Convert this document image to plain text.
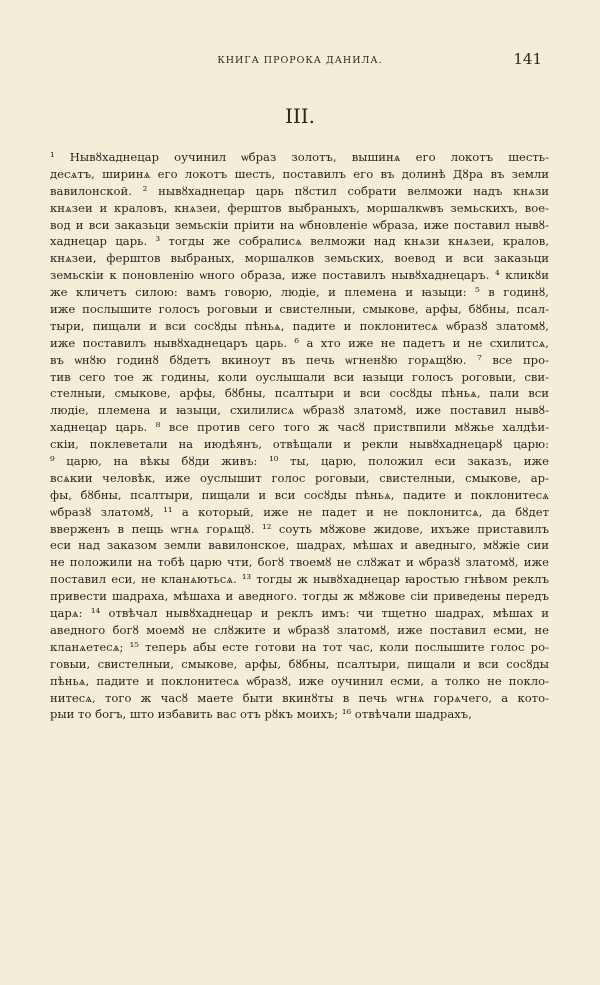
КНИГА ПРОРОКА ДАНИЛА.	141
III.
¹ Нывȣхаднецар оучинил ѡбраз золотъ, вышинѧ его локотъ шесть-
десѧтъ, ширинѧ его локотъ шесть, поставилъ его въ долинѣ Дȣра въ земли
вавилонской. ² нывȣхаднецар царь пȣстил собрати велможи надъ кнѧзи
кнѧзеи и краловъ, кнѧзеи, ферштов выбраныхъ, моршалкѡвъ земьскихъ, вое-
вод и вси заказьци земьскіи пріити на ѡбновленіе ѡбраза, иже поставил нывȣ-
хаднецар царь. ³ тогды же собралисѧ велможи над кнѧзи кнѧзеи, кралов,
кнѧзеи, ферштов выбраных, моршалков земьских, воевод и вси заказьци
земьскіи к поновленію ѡного образа, иже поставилъ нывȣхаднецаръ. ⁴ кликȣи
же кличетъ силою: вамъ говорю, людіе, и племена и ꙗзыци: ⁵ в годинȣ,
иже послышите голосъ роговыи и свистелныи, смыкове, арфы, бȣбны, псал-
тыри, пищали и вси сосȣды пѣньѧ, падите и поклонитесѧ ѡбразȣ златомȣ,
иже поставилъ нывȣхаднецаръ царь. ⁶ а хто иже не падетъ и не схилитсѧ,
въ ѡнȣю годинȣ бȣдетъ вкиноут въ печь ѡгненȣю горѧщȣю. ⁷ все про-
тив сего тое ж годины, коли оуслышали вси ꙗзыци голосъ роговыи, сви-
стелныи, смыкове, арфы, бȣбны, псалтыри и вси сосȣды пѣньѧ, пали вси
людіе, племена и ꙗзыци, схилилисѧ ѡбразȣ златомȣ, иже поставил нывȣ-
хаднецар царь. ⁸ все против сего того ж часȣ приствпили мȣжье халдѣи-
скіи, поклеветали на июдѣянъ, отвѣщали и рекли нывȣхаднецарȣ царю:
⁹ царю, на вѣкы бȣди живъ: ¹⁰ ты, царю, положил еси заказъ, иже
всѧкии человѣк, иже оуслышит голос роговыи, свистелныи, смыкове, ар-
фы, бȣбны, псалтыри, пищали и вси сосȣды пѣньѧ, падите и поклонитесѧ
ѡбразȣ златомȣ, ¹¹ а который, иже не падет и не поклонитсѧ, да бȣдет
вверженъ в пещь ѡгнѧ горѧщȣ. ¹² соуть мȣжове жидове, ихъже приставилъ
еси над заказом земли вавилонское, шадрах, мѣшах и аведныго, мȣжіе сии
не положили на тобѣ царю чти, богȣ твоемȣ не слȣжат и ѡбразȣ златомȣ, иже
поставил еси, не кланѧютьсѧ. ¹³ тогды ж нывȣхаднецар ꙗростью гнѣвом реклъ
привести шадраха, мѣшаха и аведного. тогды ж мȣжове сіи приведены передъ
царѧ: ¹⁴ отвѣчал нывȣхаднецар и реклъ имъ: чи тщетно шадрах, мѣшах и
аведного богȣ моемȣ не слȣжите и ѡбразȣ златомȣ, иже поставил есми, не
кланѧетесѧ; ¹⁵ теперь абы есте готови на тот час, коли послышите голос ро-
говыи, свистелныи, смыкове, арфы, бȣбны, псалтыри, пищали и вси сосȣды
пѣньѧ, падите и поклонитесѧ ѡбразȣ, иже оучинил есми, а толко не покло-
нитесѧ, того ж часȣ маете быти вкинȣты в печь ѡгнѧ горѧчего, а кото-
рыи то богъ, што избавить вас отъ рȣкъ моихъ; ¹⁶ отвѣчали шадрахъ,
